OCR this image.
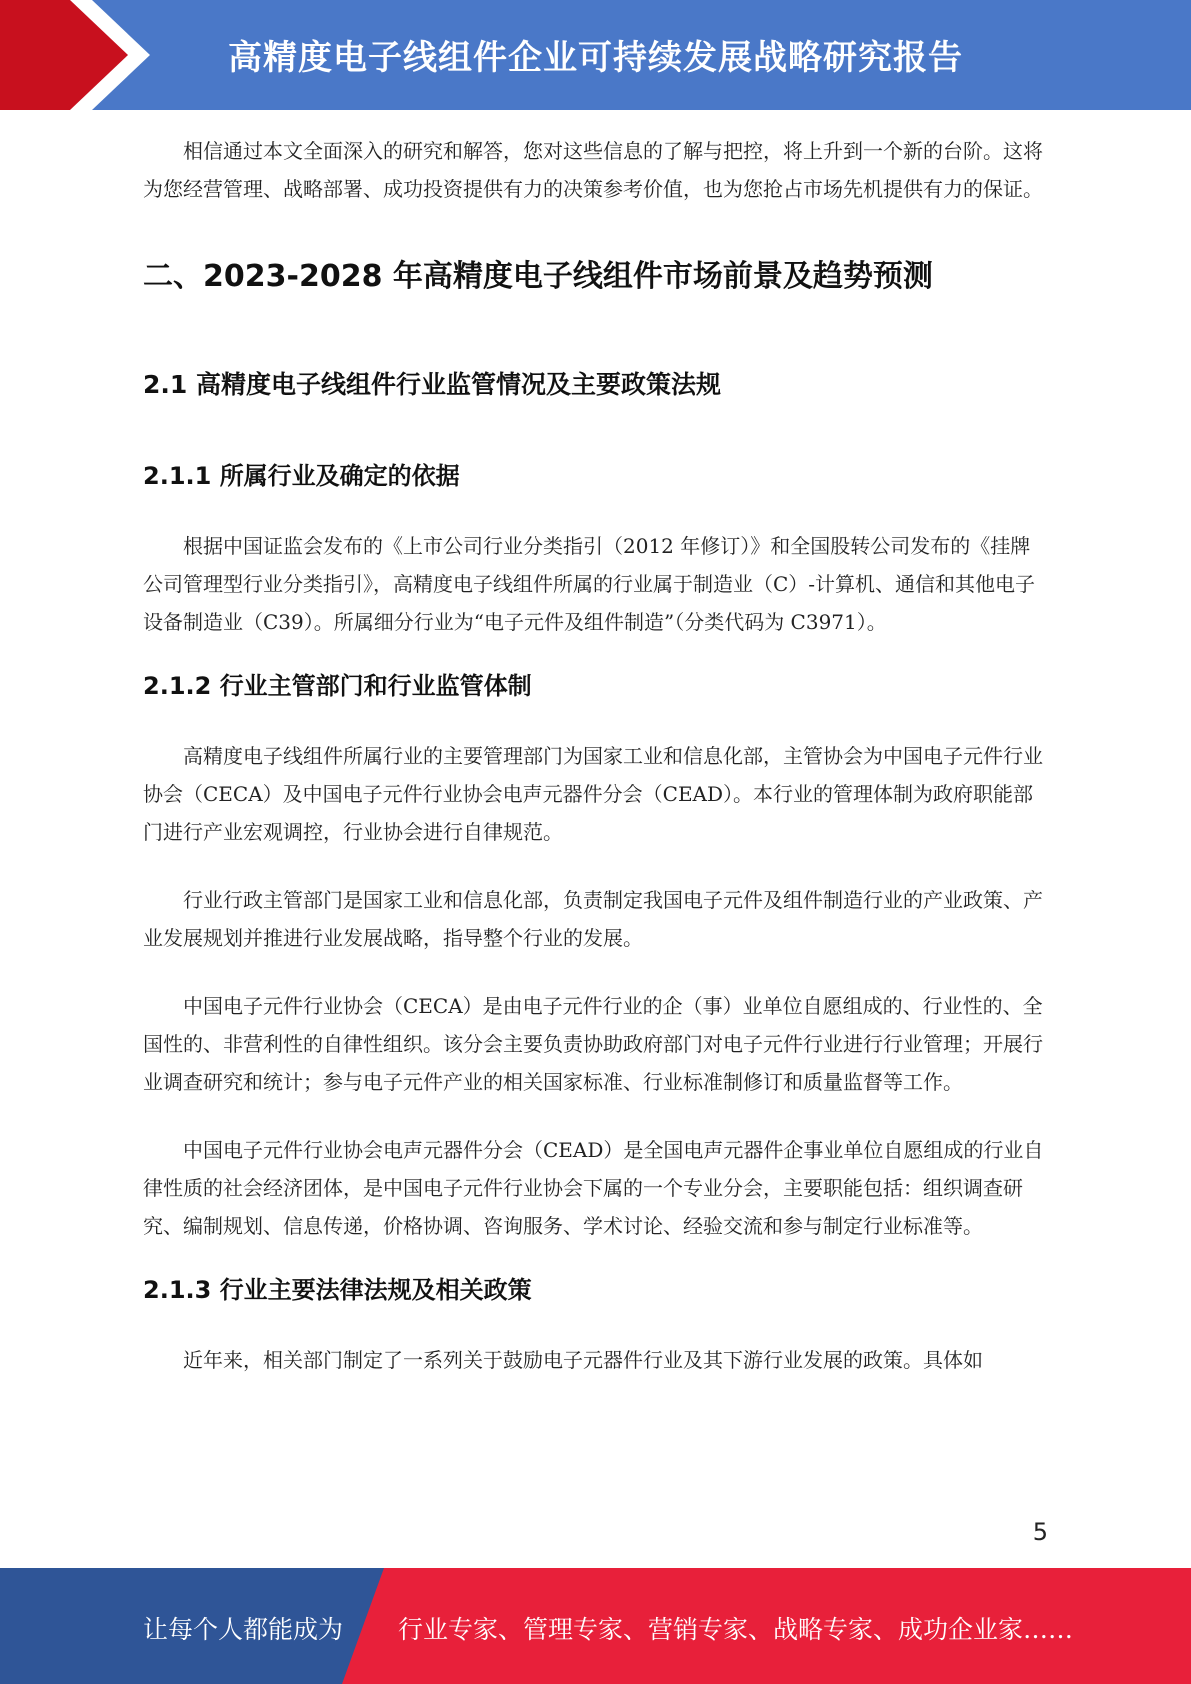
高精度电子线组件企业可持续发展战略研究报告

相信通过本文全面深入的研究和解答，您对这些信息的了解与把控，将上升到一个新的台阶。这将为您经营管理、战略部署、成功投资提供有力的决策参考价值，也为您抢占市场先机提供有力的保证。

二、2023-2028 年高精度电子线组件市场前景及趋势预测
2.1 高精度电子线组件行业监管情况及主要政策法规
2.1.1 所属行业及确定的依据

根据中国证监会发布的《上市公司行业分类指引（2012 年修订）》和全国股转公司发布的《挂牌公司管理型行业分类指引》，高精度电子线组件所属的行业属于制造业（C）-计算机、通信和其他电子设备制造业（C39）。所属细分行业为“电子元件及组件制造”（分类代码为 C3971）。

2.1.2 行业主管部门和行业监管体制

高精度电子线组件所属行业的主要管理部门为国家工业和信息化部，主管协会为中国电子元件行业协会（CECA）及中国电子元件行业协会电声元器件分会（CEAD）。本行业的管理体制为政府职能部门进行产业宏观调控，行业协会进行自律规范。

行业行政主管部门是国家工业和信息化部，负责制定我国电子元件及组件制造行业的产业政策、产业发展规划并推进行业发展战略，指导整个行业的发展。

中国电子元件行业协会（CECA）是由电子元件行业的企（事）业单位自愿组成的、行业性的、全国性的、非营利性的自律性组织。该分会主要负责协助政府部门对电子元件行业进行行业管理；开展行业调查研究和统计；参与电子元件产业的相关国家标准、行业标准制修订和质量监督等工作。

中国电子元件行业协会电声元器件分会（CEAD）是全国电声元器件企事业单位自愿组成的行业自律性质的社会经济团体，是中国电子元件行业协会下属的一个专业分会，主要职能包括：组织调查研究、编制规划、信息传递，价格协调、咨询服务、学术讨论、经验交流和参与制定行业标准等。

2.1.3 行业主要法律法规及相关政策

近年来，相关部门制定了一系列关于鼓励电子元器件行业及其下游行业发展的政策。具体如

5
让每个人都能成为 行业专家、管理专家、营销专家、战略专家、成功企业家……
